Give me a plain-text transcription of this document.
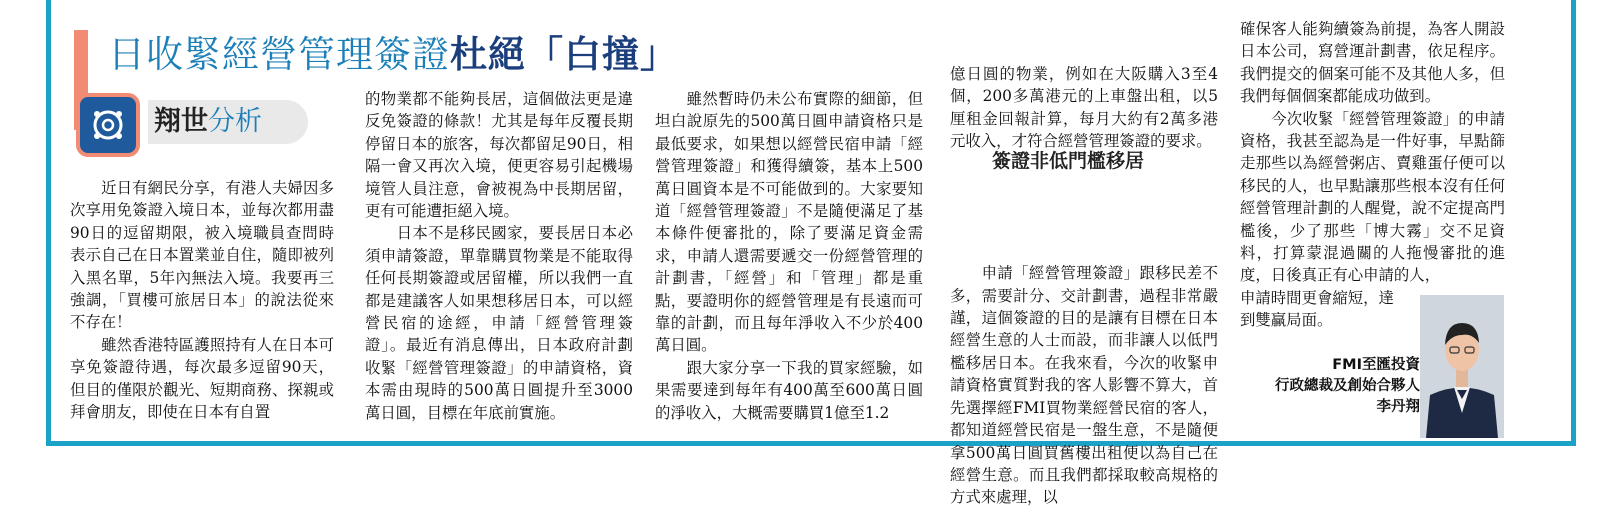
日收緊經營管理簽證杜絕「白撞」
翔世分析
　　近日有網民分享，有港人夫婦因多次享用免簽證入境日本，並每次都用盡90日的逗留期限，被入境職員查問時表示自己在日本置業並自住，隨即被列入黑名單，5年內無法入境。我要再三強調，「買樓可旅居日本」的說法從來不存在！
　　雖然香港特區護照持有人在日本可享免簽證待遇，每次最多逗留90天，但目的僅限於觀光、短期商務、探親或拜會朋友，即使在日本有自置
的物業都不能夠長居，這個做法更是違反免簽證的條款！尤其是每年反覆長期停留日本的旅客，每次都留足90日，相隔一會又再次入境，便更容易引起機場境管人員注意，會被視為中長期居留，更有可能遭拒絕入境。
　　日本不是移民國家，要長居日本必須申請簽證，單靠購買物業是不能取得任何長期簽證或居留權，所以我們一直都是建議客人如果想移居日本，可以經營民宿的途經，申請「經營管理簽證」。最近有消息傳出，日本政府計劃收緊「經營管理簽證」的申請資格，資本需由現時的500萬日圓提升至3000萬日圓，目標在年底前實施。
　　雖然暫時仍未公布實際的細節，但坦白說原先的500萬日圓申請資格只是最低要求，如果想以經營民宿申請「經營管理簽證」和獲得續簽，基本上500萬日圓資本是不可能做到的。大家要知道「經營管理簽證」不是隨便滿足了基本條件便審批的，除了要滿足資金需求，申請人還需要遞交一份經營管理的計劃書，「經營」和「管理」都是重點，要證明你的經營管理是有長遠而可靠的計劃，而且每年淨收入不少於400萬日圓。
　　跟大家分享一下我的買家經驗，如果需要達到每年有400萬至600萬日圓的淨收入，大概需要購買1億至1.2

億日圓的物業，例如在大阪購入3至4個，200多萬港元的上車盤出租，以5厘租金回報計算，每月大約有2萬多港元收入，才符合經營管理簽證的要求。

　　申請「經營管理簽證」跟移民差不多，需要計分、交計劃書，過程非常嚴謹，這個簽證的目的是讓有目標在日本經營生意的人士而設，而非讓人以低門檻移居日本。在我來看，今次的收緊申請資格實質對我的客人影響不算大，首先選擇經FMI買物業經營民宿的客人，都知道經營民宿是一盤生意，不是隨便拿500萬日圓買舊樓出租便以為自己在經營生意。而且我們都採取較高規格的方式來處理，以

簽證非低門檻移居
確保客人能夠續簽為前提，為客人開設日本公司，寫營運計劃書，依足程序。我們提交的個案可能不及其他人多，但我們每個個案都能成功做到。
　　今次收緊「經營管理簽證」的申請資格，我甚至認為是一件好事，早點篩走那些以為經營粥店、賣雞蛋仔便可以移民的人，也早點讓那些根本沒有任何經營管理計劃的人醒覺，說不定提高門檻後，少了那些「博大霧」交不足資料，打算蒙混過關的人拖慢審批的進度，日後真正有心申請的人，
申請時間更會縮短，達
到雙贏局面。
FMI至匯投資
行政總裁及創始合夥人
李丹翔
